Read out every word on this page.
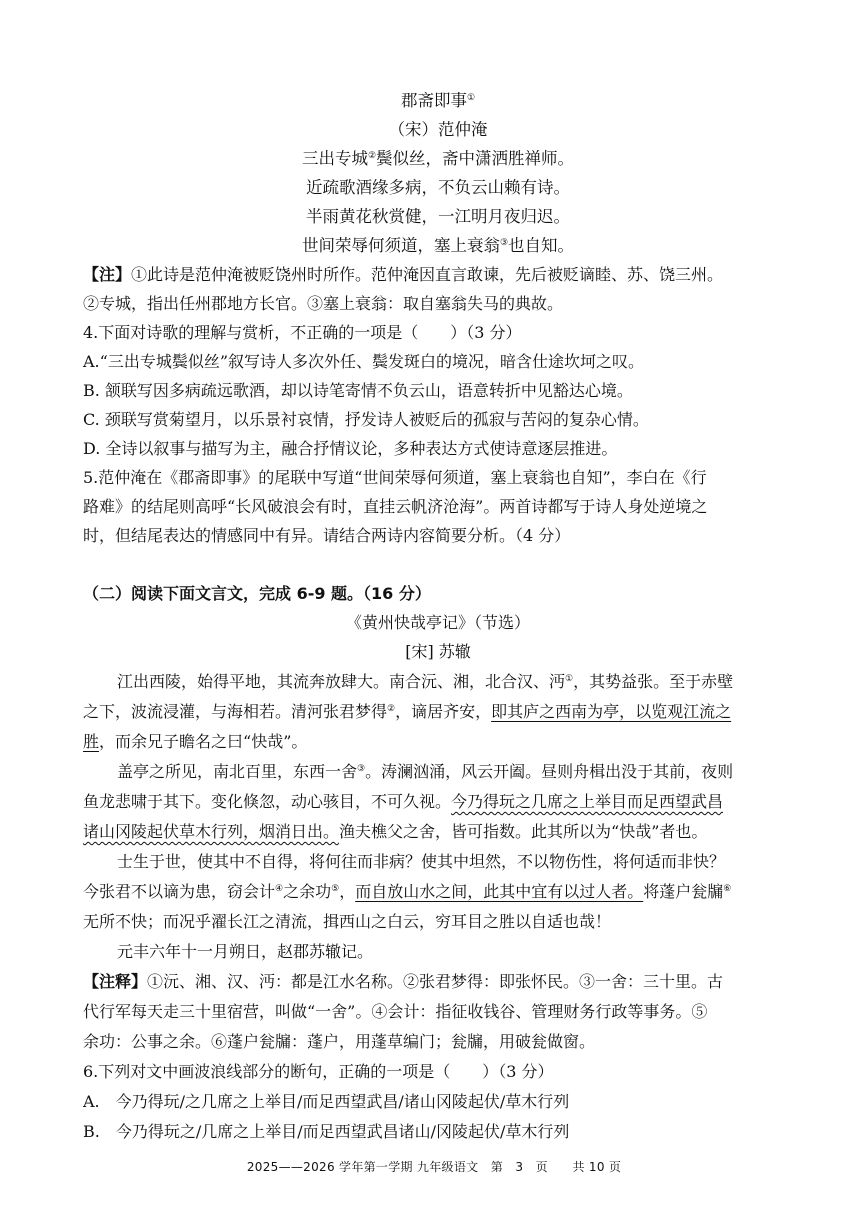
郡斋即事①
（宋）范仲淹
三出专城②鬓似丝，斋中潇洒胜禅师。
近疏歌酒缘多病，不负云山赖有诗。
半雨黄花秋赏健，一江明月夜归迟。
世间荣辱何须道，塞上衰翁③也自知。
【注】①此诗是范仲淹被贬饶州时所作。范仲淹因直言敢谏，先后被贬谪睦、苏、饶三州。
②专城，指出任州郡地方长官。③塞上衰翁：取自塞翁失马的典故。
4.下面对诗歌的理解与赏析，不正确的一项是（　　）（3 分）
A.“三出专城鬓似丝”叙写诗人多次外任、鬓发斑白的境况，暗含仕途坎坷之叹。
B. 颔联写因多病疏远歌酒，却以诗笔寄情不负云山，语意转折中见豁达心境。
C. 颈联写赏菊望月，以乐景衬哀情，抒发诗人被贬后的孤寂与苦闷的复杂心情。
D. 全诗以叙事与描写为主，融合抒情议论，多种表达方式使诗意逐层推进。
5.范仲淹在《郡斋即事》的尾联中写道“世间荣辱何须道，塞上衰翁也自知”，李白在《行
路难》的结尾则高呼“长风破浪会有时，直挂云帆济沧海”。两首诗都写于诗人身处逆境之
时，但结尾表达的情感同中有异。请结合两诗内容简要分析。（4 分）
（二）阅读下面文言文，完成 6-9 题。（16 分）
《黄州快哉亭记》（节选）
[宋] 苏辙
江出西陵，始得平地，其流奔放肆大。南合沅、湘，北合汉、沔①，其势益张。至于赤壁
之下，波流浸灌，与海相若。清河张君梦得②，谪居齐安，即其庐之西南为亭，以览观江流之
胜，而余兄子瞻名之曰“快哉”。
盖亭之所见，南北百里，东西一舍③。涛澜汹涌，风云开阖。昼则舟楫出没于其前，夜则
鱼龙悲啸于其下。变化倏忽，动心骇目，不可久视。今乃得玩之几席之上举目而足西望武昌
诸山冈陵起伏草木行列，烟消日出。渔夫樵父之舍，皆可指数。此其所以为“快哉”者也。
士生于世，使其中不自得，将何往而非病？使其中坦然，不以物伤性，将何适而非快？
今张君不以谪为患，窃会计④之余功⑤，而自放山水之间，此其中宜有以过人者。将蓬户瓮牖⑥
无所不快；而况乎濯长江之清流，揖西山之白云，穷耳目之胜以自适也哉！
元丰六年十一月朔日，赵郡苏辙记。
【注释】①沅、湘、汉、沔：都是江水名称。②张君梦得：即张怀民。③一舍：三十里。古
代行军每天走三十里宿营，叫做“一舍”。④会计：指征收钱谷、管理财务行政等事务。⑤
余功：公事之余。⑥蓬户瓮牖：蓬户，用蓬草编门；瓮牖，用破瓮做窗。
6.下列对文中画波浪线部分的断句，正确的一项是（　　）（3 分）
A.　今乃得玩/之几席之上举目/而足西望武昌/诸山冈陵起伏/草木行列
B.　今乃得玩之/几席之上举目/而足西望武昌诸山/冈陵起伏/草木行列
2025——2026 学年第一学期 九年级语文　第　3　页　　共 10 页
